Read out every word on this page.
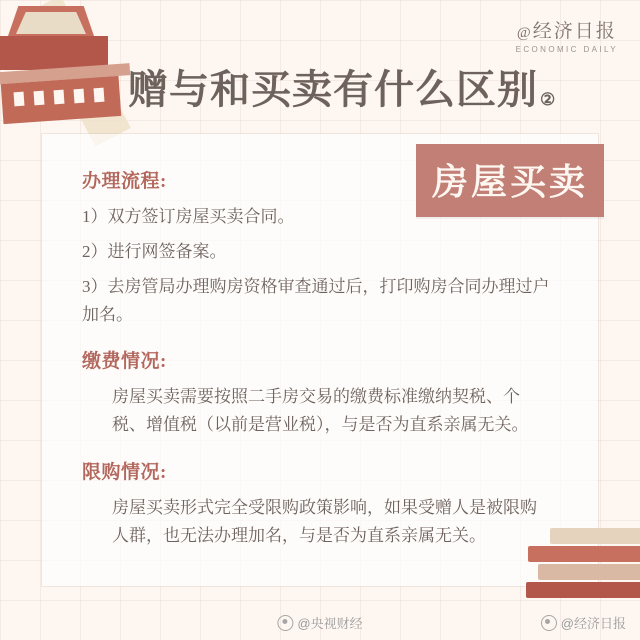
@经济日报
ECONOMIC DAILY
赠与和买卖有什么区别 ②
房屋买卖

办理流程:

1）双方签订房屋买卖合同。

2）进行网签备案。

3）去房管局办理购房资格审查通过后，打印购房合同办理过户加名。

缴费情况:

房屋买卖需要按照二手房交易的缴费标准缴纳契税、个税、增值税（以前是营业税），与是否为直系亲属无关。

限购情况:

房屋买卖形式完全受限购政策影响，如果受赠人是被限购人群，也无法办理加名，与是否为直系亲属无关。

@央视财经	@经济日报
